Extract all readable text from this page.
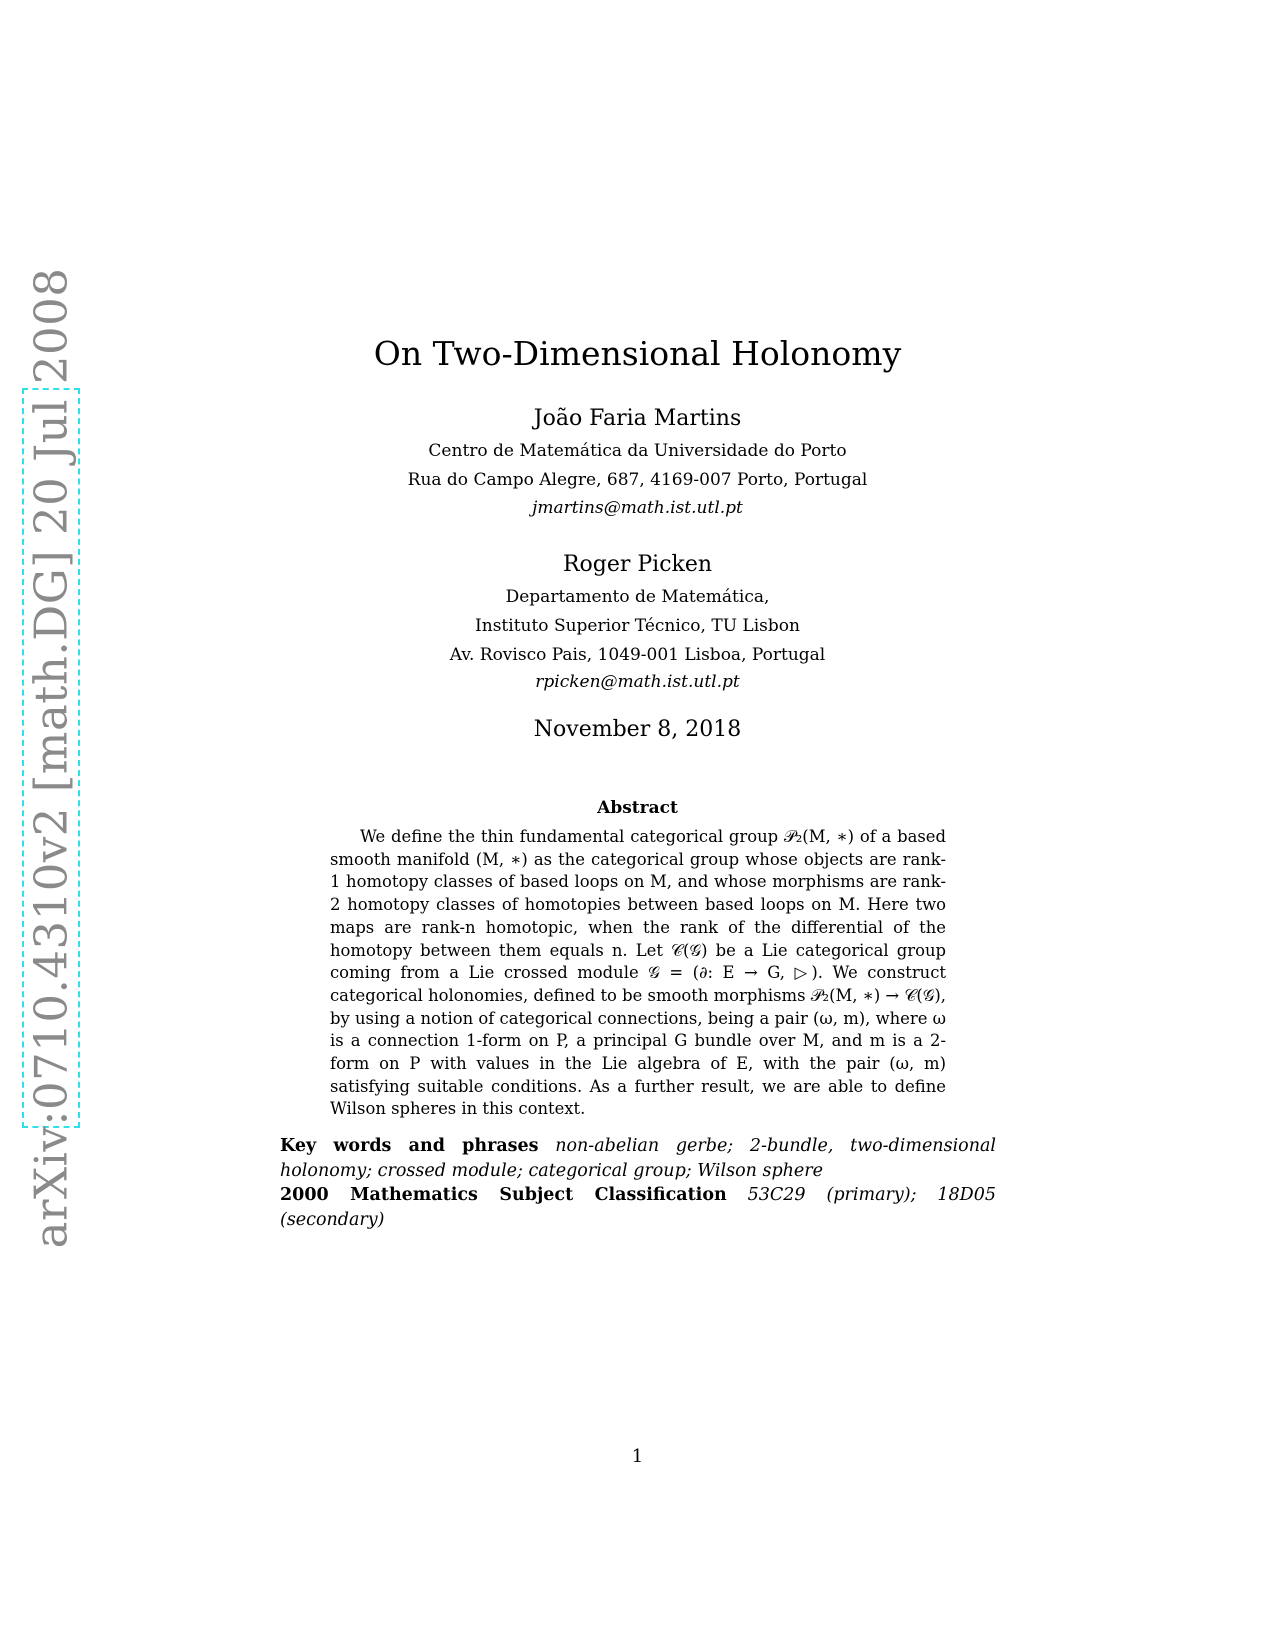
arXiv:0710.4310v2 [math.DG] 20 Jul 2008	On Two-Dimensional Holonomy
João Faria Martins
Centro de Matemática da Universidade do Porto
Rua do Campo Alegre, 687, 4169-007 Porto, Portugal
jmartins@math.ist.utl.pt
Roger Picken
Departamento de Matemática,
Instituto Superior Técnico, TU Lisbon
Av. Rovisco Pais, 1049-001 Lisboa, Portugal
rpicken@math.ist.utl.pt
November 8, 2018
Abstract
We define the thin fundamental categorical group 𝒫₂(M, ∗) of a based smooth manifold (M, ∗) as the categorical group whose objects are rank-1 homotopy classes of based loops on M, and whose morphisms are rank-2 homotopy classes of homotopies between based loops on M. Here two maps are rank-n homotopic, when the rank of the differential of the homotopy between them equals n. Let 𝒞(𝒢) be a Lie categorical group coming from a Lie crossed module 𝒢 = (∂: E → G, ▷). We construct categorical holonomies, defined to be smooth morphisms 𝒫₂(M, ∗) → 𝒞(𝒢), by using a notion of categorical connections, being a pair (ω, m), where ω is a connection 1-form on P, a principal G bundle over M, and m is a 2-form on P with values in the Lie algebra of E, with the pair (ω, m) satisfying suitable conditions. As a further result, we are able to define Wilson spheres in this context.
Key words and phrases non-abelian gerbe; 2-bundle, two-dimensional holonomy; crossed module; categorical group; Wilson sphere
2000 Mathematics Subject Classification 53C29 (primary); 18D05 (secondary)
1
